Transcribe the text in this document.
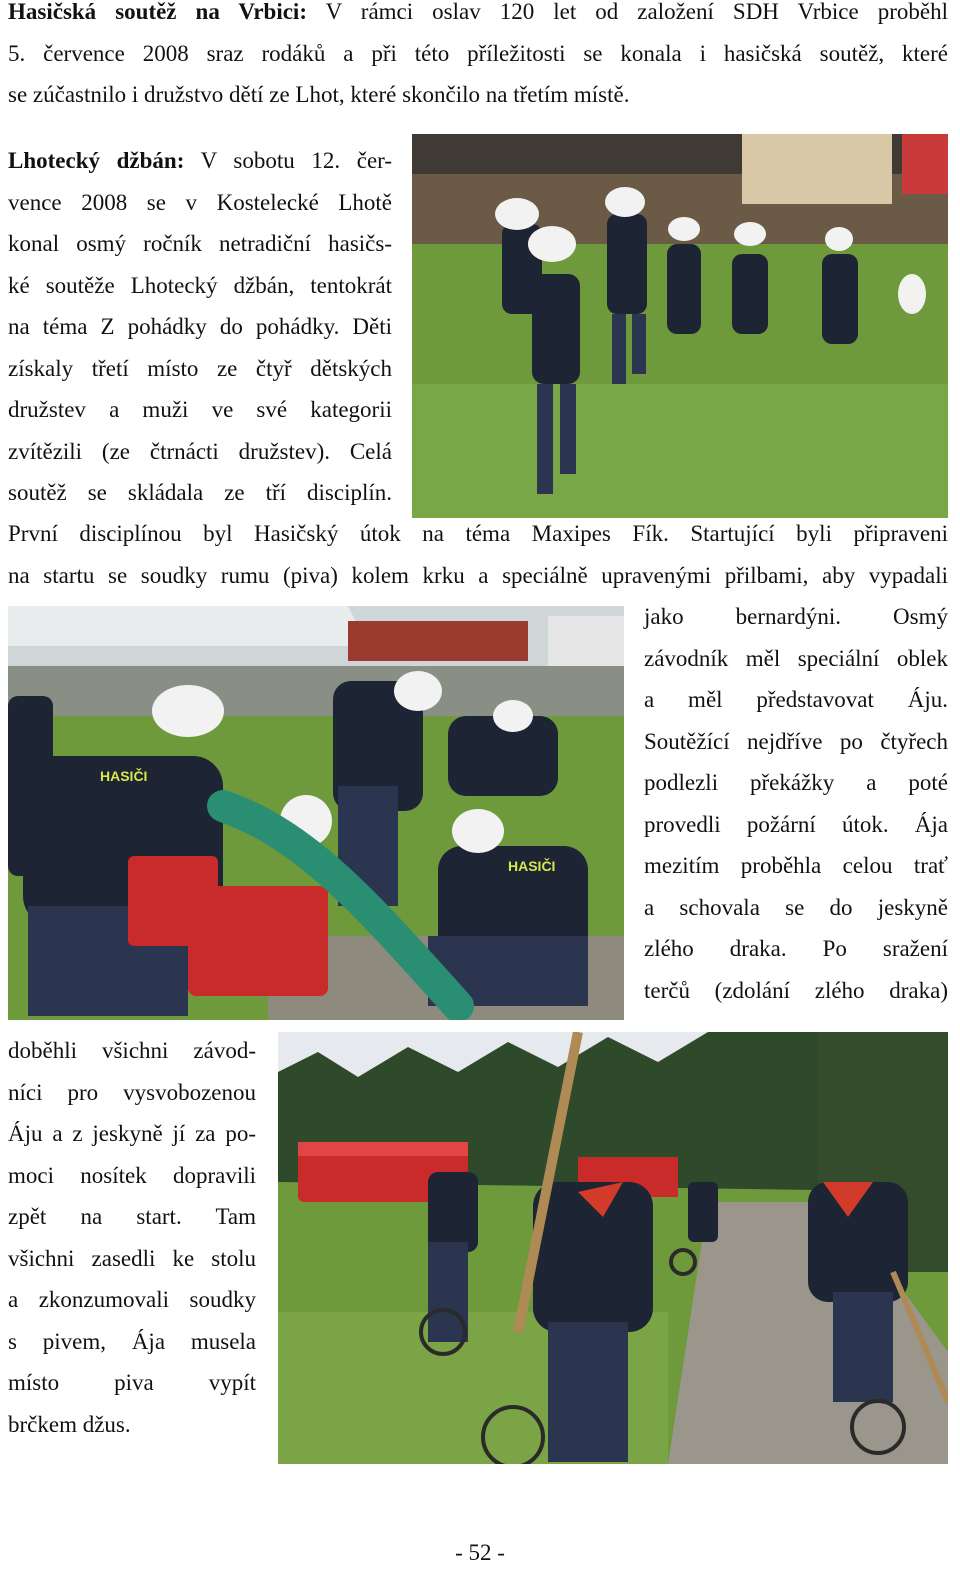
Hasičská soutěž na Vrbici: V rámci oslav 120 let od založení SDH Vrbice proběhl
5. července 2008 sraz rodáků a při této příležitosti se konala i hasičská soutěž, které
se zúčastnilo i družstvo dětí ze Lhot, které skončilo na třetím místě.
Lhotecký džbán: V sobotu 12. čer-
vence 2008 se v Kostelecké Lhotě
konal osmý ročník netradiční hasičs-
ké soutěže Lhotecký džbán, tentokrát
na téma Z pohádky do pohádky. Děti
získaly třetí místo ze čtyř dětských
družstev a muži ve své kategorii
zvítězili (ze čtrnácti družstev). Celá
soutěž se skládala ze tří disciplín.
První disciplínou byl Hasičský útok na téma Maxipes Fík. Startující byli připraveni
na startu se soudky rumu (piva) kolem krku a speciálně upravenými přilbami, aby vypadali
HASIČI
HASIČI
jako bernardýni. Osmý
závodník měl speciální oblek
a měl představovat Áju.
Soutěžící nejdříve po čtyřech
podlezli překážky a poté
provedli požární útok. Ája
mezitím proběhla celou trať
a schovala se do jeskyně
zlého draka. Po sražení
terčů (zdolání zlého draka)
doběhli všichni závod-
níci pro vysvobozenou
Áju a z jeskyně jí za po-
moci nosítek dopravili
zpět na start. Tam
všichni zasedli ke stolu
a zkonzumovali soudky
s pivem, Ája musela
místo piva vypít
brčkem džus.
- 52 -
